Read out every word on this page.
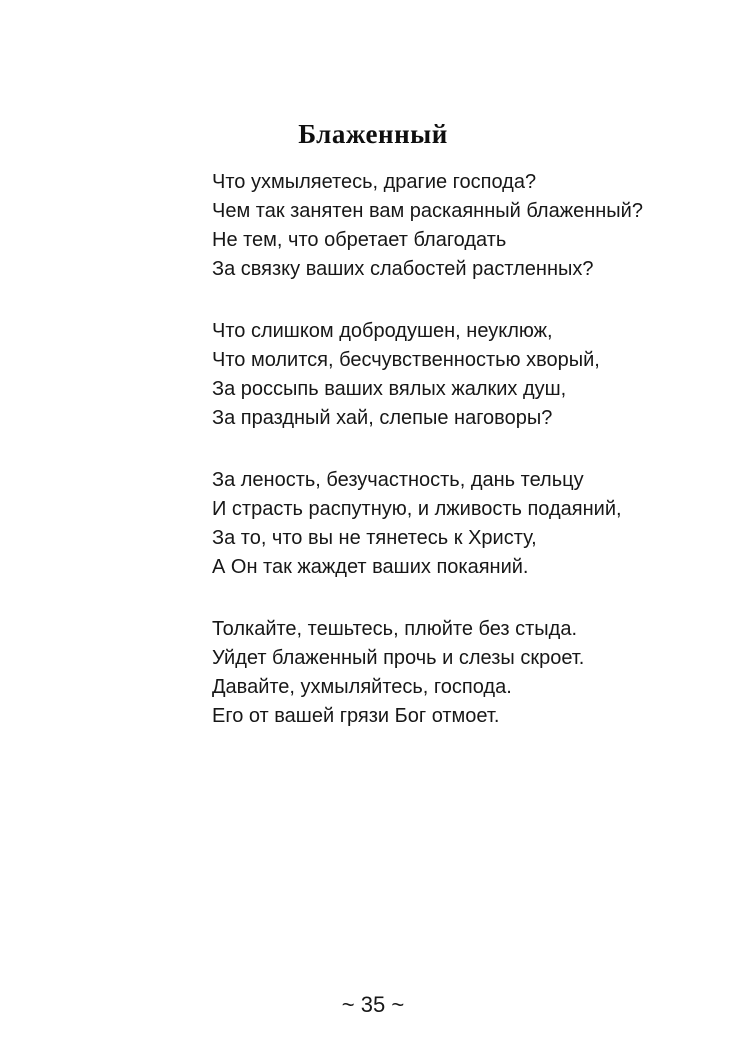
Блаженный

Что ухмыляетесь, драгие господа?

Чем так занятен вам раскаянный блаженный?

Не тем, что обретает благодать

За связку ваших слабостей растленных?

Что слишком добродушен, неуклюж,

Что молится, бесчувственностью хворый,

За россыпь ваших вялых жалких душ,

За праздный хай, слепые наговоры?

За леность, безучастность, дань тельцу

И страсть распутную, и лживость подаяний,

За то, что вы не тянетесь к Христу,

А Он так жаждет ваших покаяний.

Толкайте, тешьтесь, плюйте без стыда.

Уйдет блаженный прочь и слезы скроет.

Давайте, ухмыляйтесь, господа.

Его от вашей грязи Бог отмоет.

~ 35 ~
